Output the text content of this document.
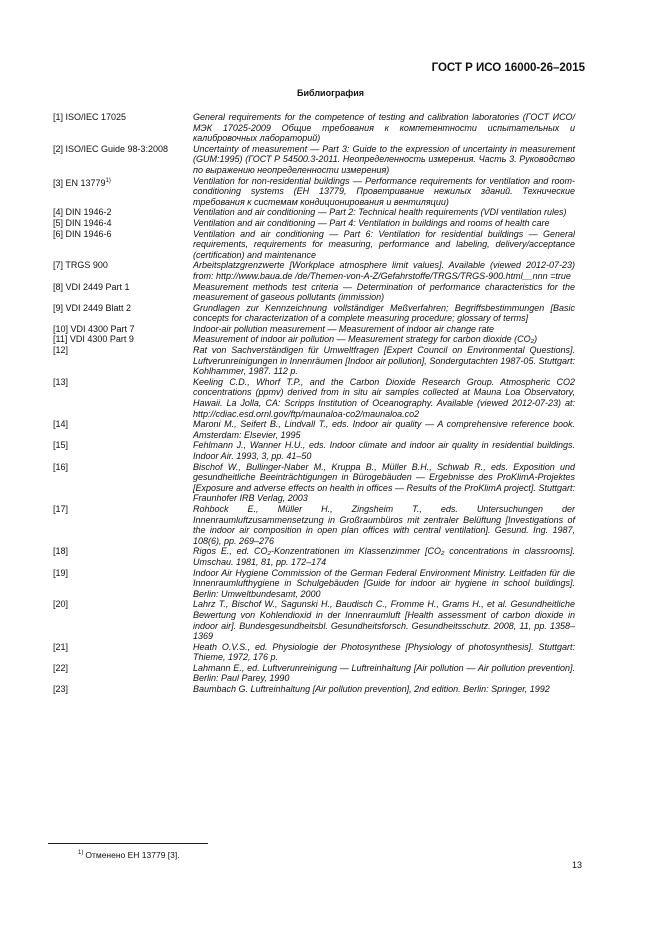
ГОСТ Р ИСО 16000-26–2015
Библиография
[1] ISO/IEC 17025	General requirements for the competence of testing and calibration laboratories (ГОСТ ИСО/МЭК 17025-2009 Общие требования к компетентности испытательных и калибровочных лабораторий)
[2] ISO/IEC Guide 98-3:2008	Uncertainty of measurement — Part 3: Guide to the expression of uncertainty in measurement (GUM:1995) (ГОСТ Р 54500.3-2011. Неопределенность измерения. Часть 3. Руководство по выражению неопределенности измерения)
[3] EN 13779$^{1)}$	Ventilation for non-residential buildings — Performance requirements for ventilation and room-conditioning systems (ЕН 13779, Проветривание нежилых зданий. Технические требования к системам кондиционирования и вентиляции)
[4] DIN 1946-2	Ventilation and air conditioning — Part 2: Technical health requirements (VDI ventilation rules)
[5] DIN 1946-4	Ventilation and air conditioning — Part 4: Ventilation in buildings and rooms of health care
[6] DIN 1946-6	Ventilation and air conditioning — Part 6: Ventilation for residential buildings — General requirements, requirements for measuring, performance and labeling, delivery/acceptance (certification) and maintenance
[7] TRGS 900	Arbeitsplatzgrenzwerte [Workplace atmosphere limit values]. Available (viewed 2012-07-23) from: http://www.baua.de /de/Themen-von-A-Z/Gefahrstoffe/TRGS/TRGS-900.html__nnn =true
[8] VDI 2449 Part 1	Measurement methods test criteria — Determination of performance characteristics for the measurement of gaseous pollutants (immission)
[9] VDI 2449 Blatt 2	Grundlagen zur Kennzeichnung vollständiger Meßverfahren; Begriffsbestimmungen [Basic concepts for characterization of a complete measuring procedure; glossary of terms]
[10] VDI 4300 Part 7	Indoor-air pollution measurement — Measurement of indoor air change rate
[11] VDI 4300 Part 9	Measurement of indoor air pollution — Measurement strategy for carbon dioxide (CO₂)
[12]	Rat von Sachverständigen für Umweltfragen [Expert Council on Environmental Questions]. Luftverunreinigungen in Innenräumen [Indoor air pollution], Sondergutachten 1987-05. Stuttgart: Kohlhammer, 1987. 112 p.
[13]	Keeling C.D., Whorf T.P., and the Carbon Dioxide Research Group. Atmospheric CO2 concentrations (ppmv) derived from in situ air samples collected at Mauna Loa Observatory, Hawaii. La Jolla, CA: Scripps Institution of Oceanography. Available (viewed 2012-07-23) at: http://cdiac.esd.ornl.gov/ftp/maunaloa-co2/maunaloa.co2
[14]	Maroni M., Seifert B., Lindvall T., eds. Indoor air quality — A comprehensive reference book. Amsterdam: Elsevier, 1995
[15]	Fehlmann J., Wanner H.U., eds. Indoor climate and indoor air quality in residential buildings. Indoor Air. 1993, 3, pp. 41–50
[16]	Bischof W., Bullinger-Naber M., Kruppa B., Müller B.H., Schwab R., eds. Exposition und gesundheitliche Beeinträchtigungen in Bürogebäuden — Ergebnisse des ProKlimA-Projektes [Exposure and adverse effects on health in offices — Results of the ProKlimA project]. Stuttgart: Fraunhofer IRB Verlag, 2003
[17]	Rohbock E., Müller H., Zingsheim T., eds. Untersuchungen der Innenraumluftzusammensetzung in Großraumbüros mit zentraler Belüftung [Investigations of the indoor air composition in open plan offices with central ventilation]. Gesund. Ing. 1987, 108(6), pp. 269–276
[18]	Rigos E., ed. CO₂-Konzentrationen im Klassenzimmer [CO₂ concentrations in classrooms]. Umschau. 1981, 81, pp. 172–174
[19]	Indoor Air Hygiene Commission of the German Federal Environment Ministry. Leitfaden für die Innenraumlufthygiene in Schulgebäuden [Guide for indoor air hygiene in school buildings]. Berlin: Umweltbundesamt, 2000
[20]	Lahrz T., Bischof W., Sagunski H., Baudisch C., Fromme H., Grams H., et al. Gesundheitliche Bewertung von Kohlendioxid in der Innenraumluft [Health assessment of carbon dioxide in indoor air]. Bundesgesundheitsbl. Gesundheitsforsch. Gesundheitsschutz. 2008, 11, pp. 1358–1369
[21]	Heath O.V.S., ed. Physiologie der Photosynthese [Physiology of photosynthesis]. Stuttgart: Thieme, 1972, 176 p.
[22]	Lahmann E., ed. Luftverunreinigung — Luftreinhaltung [Air pollution — Air pollution prevention]. Berlin: Paul Parey, 1990
[23]	Baumbach G. Luftreinhaltung [Air pollution prevention], 2nd edition. Berlin: Springer, 1992
$^{1)}$ Отменено ЕН 13779 [3].
13
